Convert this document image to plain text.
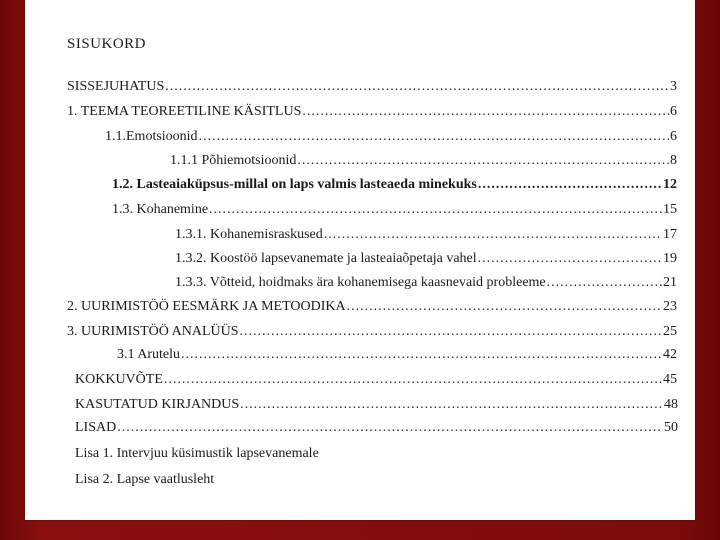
SISUKORD
SISSEJUHATUS .....	3
1. TEEMA TEOREETILINE KÄSITLUS .....	6
1.1.Emotsioonid .....	6
1.1.1 Põhiemotsioonid .....	8
1.2. Lasteaiaküpsus-millal on laps valmis lasteaeda minekuks .....	12
1.3. Kohanemine .....	15
1.3.1. Kohanemisraskused .....	17
1.3.2. Koostöö lapsevanemate ja lasteaiaõpetaja vahel .....	19
1.3.3. Võtteid, hoidmaks ära kohanemisega kaasnevaid probleeme .....	21
2. UURIMISTÖÖ EESMÄRK JA METOODIKA .....	23
3. UURIMISTÖÖ ANALÜÜS .....	25
3.1 Arutelu .....	42
KOKKUVÕTE .....	45
KASUTATUD KIRJANDUS .....	48
LISAD .....	50
Lisa 1. Intervjuu küsimustik lapsevanemale
Lisa 2. Lapse vaatlusleht
